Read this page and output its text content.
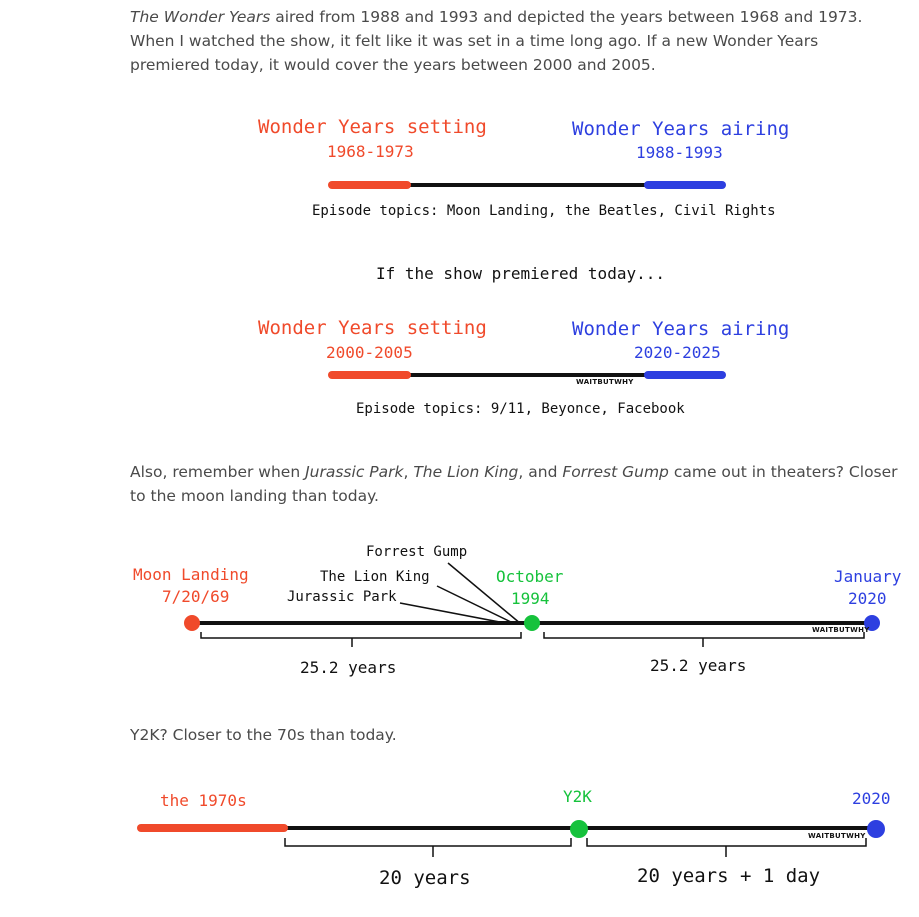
The Wonder Years aired from 1988 and 1993 and depicted the years between 1968 and 1973. When I watched the show, it felt like it was set in a time long ago. If a new Wonder Years premiered today, it would cover the years between 2000 and 2005.

Wonder Years setting
1968-1973
Wonder Years airing
1988-1993
Episode topics: Moon Landing, the Beatles, Civil Rights
If the show premiered today...
Wonder Years setting
2000-2005
Wonder Years airing
2020-2025
WAITBUTWHY
Episode topics: 9/11, Beyonce, Facebook

Also, remember when Jurassic Park, The Lion King, and Forrest Gump came out in theaters? Closer to the moon landing than today.

Moon Landing
7/20/69
Forrest Gump
The Lion King
Jurassic Park
October
1994
January
2020
WAITBUTWHY
25.2 years	25.2 years

Y2K? Closer to the 70s than today.

the 1970s	Y2K	2020
WAITBUTWHY
20 years	20 years + 1 day
